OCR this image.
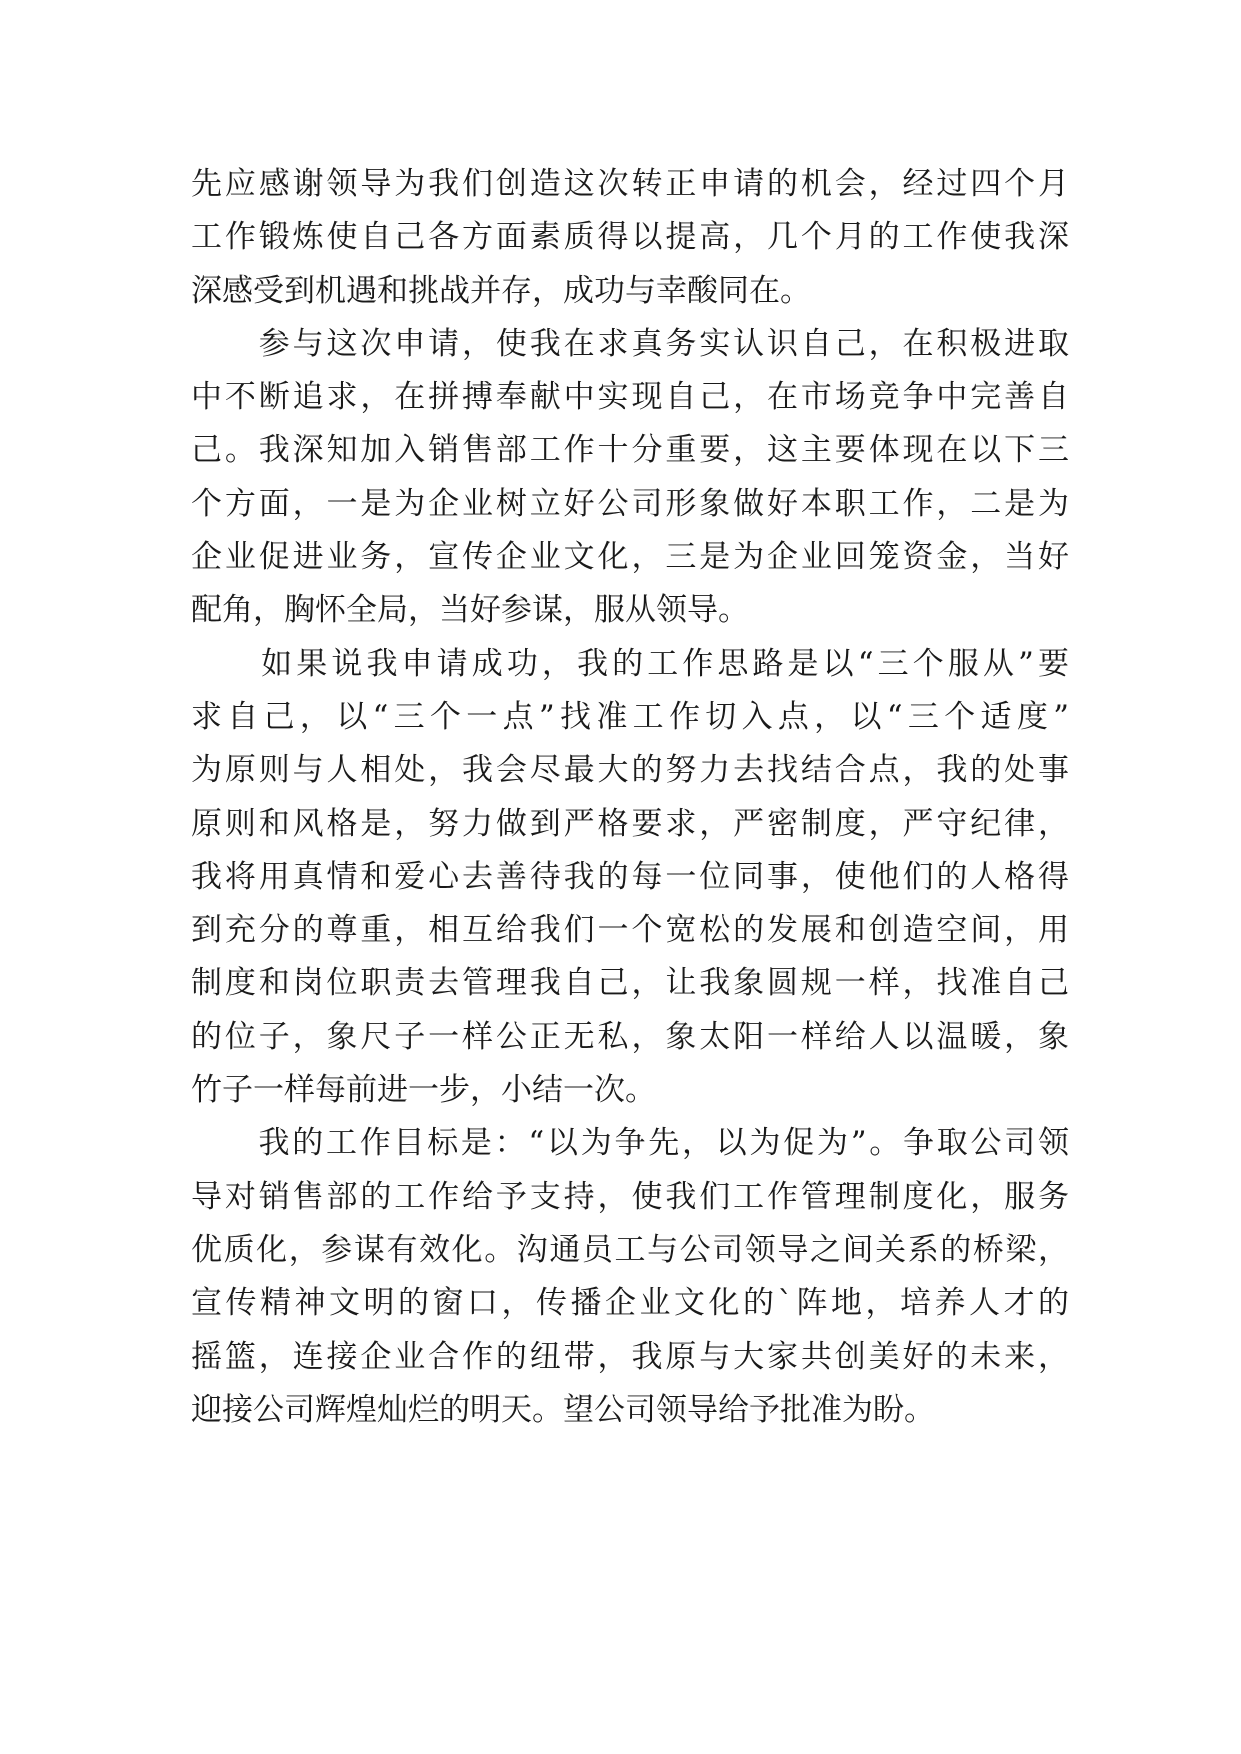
先应感谢领导为我们创造这次转正申请的机会，经过四个月
工作锻炼使自己各方面素质得以提高，几个月的工作使我深
深感受到机遇和挑战并存，成功与幸酸同在。
　　参与这次申请，使我在求真务实认识自己，在积极进取
中不断追求，在拼搏奉献中实现自己，在市场竞争中完善自
己。我深知加入销售部工作十分重要，这主要体现在以下三
个方面，一是为企业树立好公司形象做好本职工作，二是为
企业促进业务，宣传企业文化，三是为企业回笼资金，当好
配角，胸怀全局，当好参谋，服从领导。
　　如果说我申请成功，我的工作思路是以“三个服从”要
求自己，以“三个一点”找准工作切入点，以“三个适度”
为原则与人相处，我会尽最大的努力去找结合点，我的处事
原则和风格是，努力做到严格要求，严密制度，严守纪律，
我将用真情和爱心去善待我的每一位同事，使他们的人格得
到充分的尊重，相互给我们一个宽松的发展和创造空间，用
制度和岗位职责去管理我自己，让我象圆规一样，找准自己
的位子，象尺子一样公正无私，象太阳一样给人以温暖，象
竹子一样每前进一步，小结一次。
　　我的工作目标是：“以为争先，以为促为”。争取公司领
导对销售部的工作给予支持，使我们工作管理制度化，服务
优质化，参谋有效化。沟通员工与公司领导之间关系的桥梁，
宣传精神文明的窗口，传播企业文化的`阵地，培养人才的
摇篮，连接企业合作的纽带，我原与大家共创美好的未来，
迎接公司辉煌灿烂的明天。望公司领导给予批准为盼。
